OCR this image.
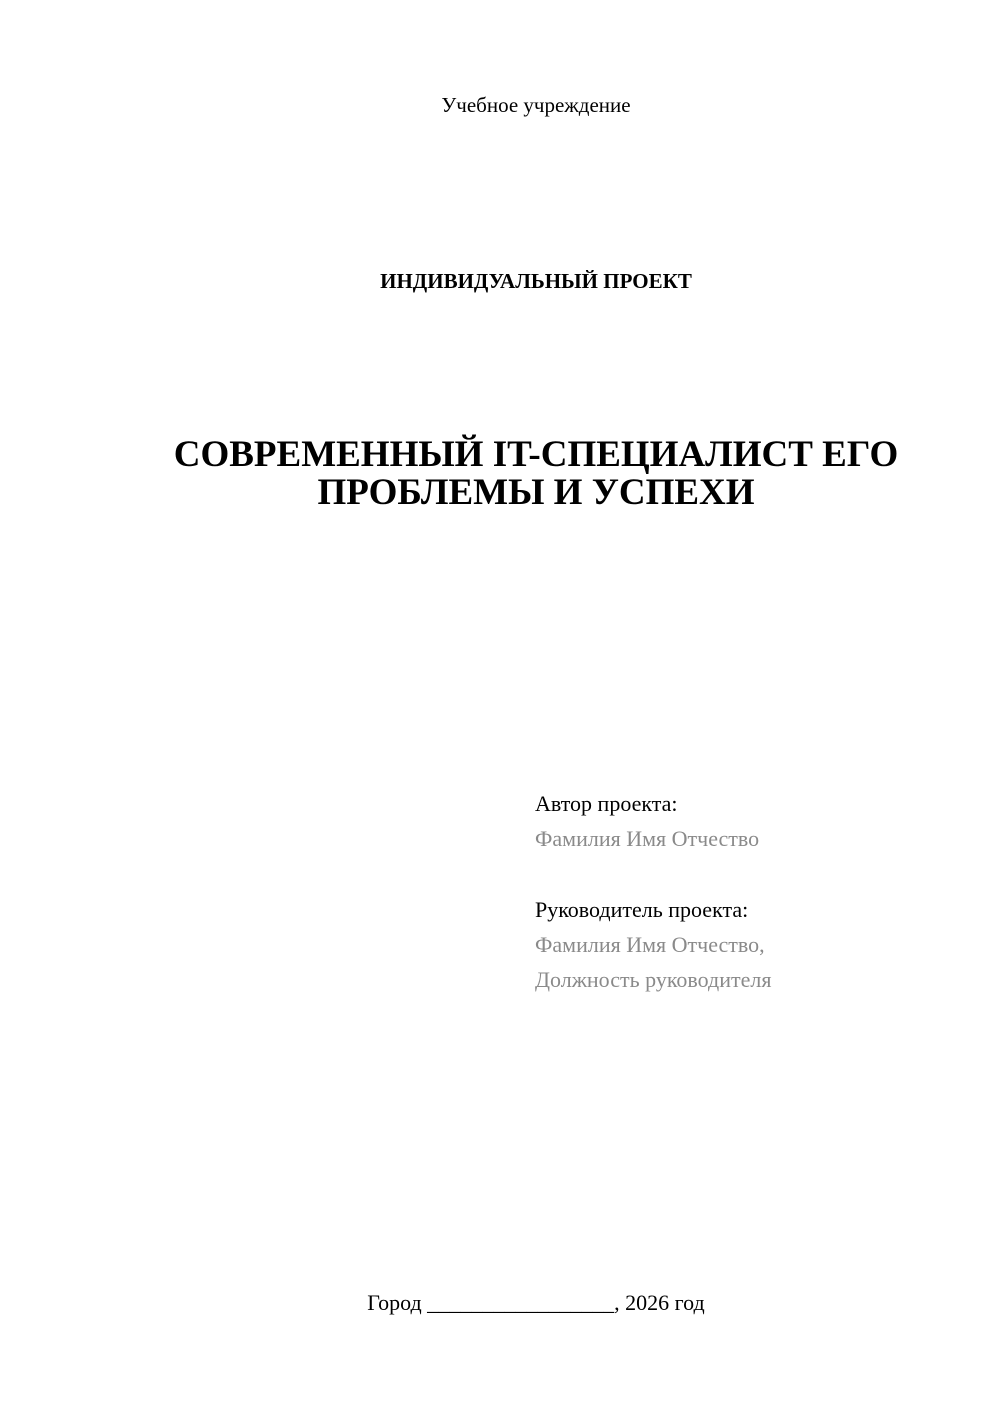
Учебное учреждение
ИНДИВИДУАЛЬНЫЙ ПРОЕКТ
СОВРЕМЕННЫЙ IT-СПЕЦИАЛИСТ ЕГО
ПРОБЛЕМЫ И УСПЕХИ
Автор проекта:
Фамилия Имя Отчество
Руководитель проекта:
Фамилия Имя Отчество,
Должность руководителя
Город _________________, 2026 год
